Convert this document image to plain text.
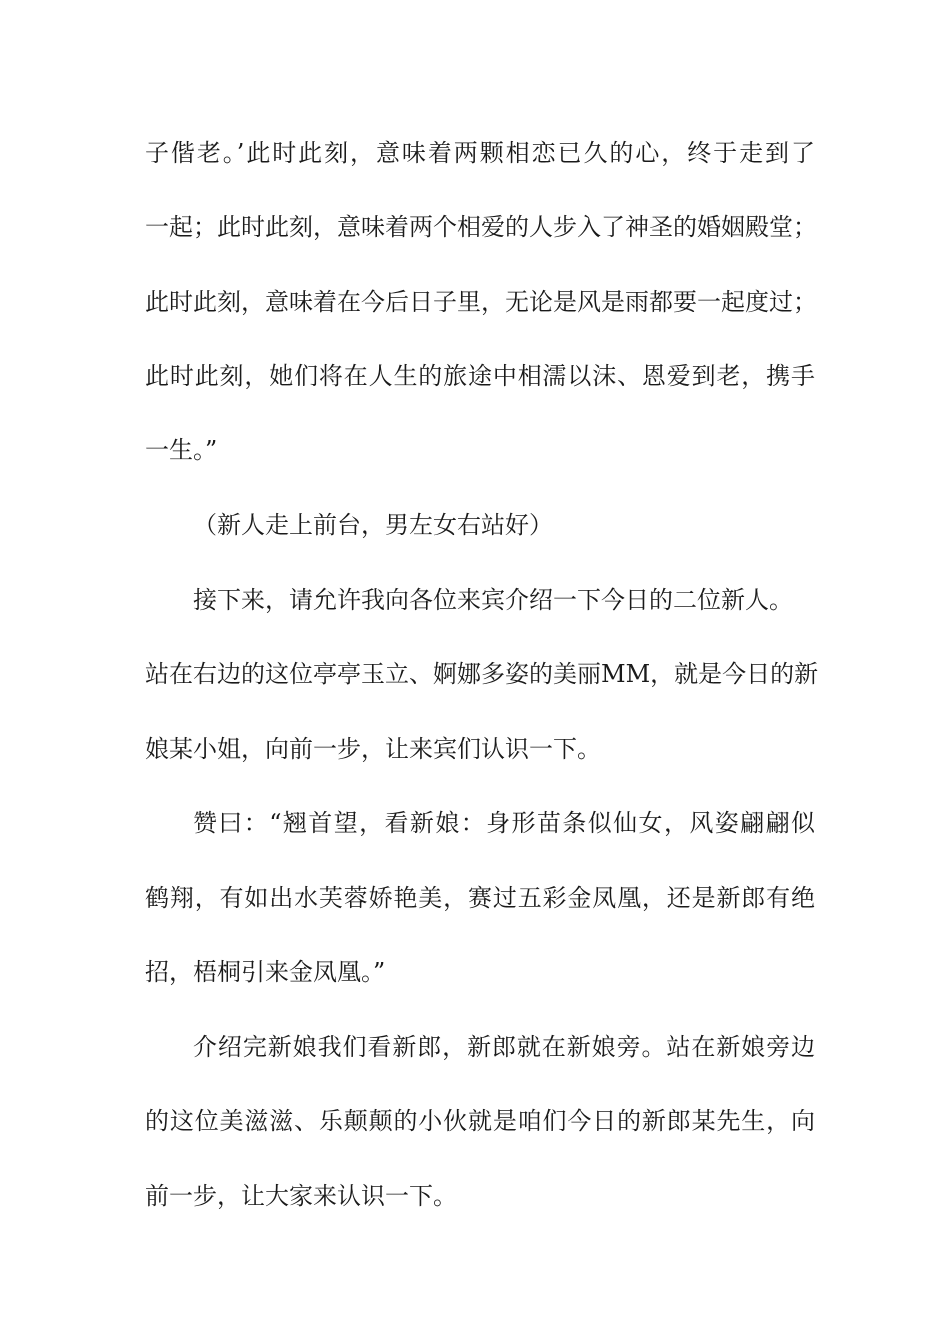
子偕老。’此时此刻，意味着两颗相恋已久的心，终于走到了
一起；此时此刻，意味着两个相爱的人步入了神圣的婚姻殿堂；
此时此刻，意味着在今后日子里，无论是风是雨都要一起度过；
此时此刻，她们将在人生的旅途中相濡以沫、恩爱到老，携手
一生。”
（新人走上前台，男左女右站好）
接下来，请允许我向各位来宾介绍一下今日的二位新人。
站在右边的这位亭亭玉立、婀娜多姿的美丽MM，就是今日的新
娘某小姐，向前一步，让来宾们认识一下。
赞曰：“翘首望，看新娘：身形苗条似仙女，风姿翩翩似
鹤翔，有如出水芙蓉娇艳美，赛过五彩金凤凰，还是新郎有绝
招，梧桐引来金凤凰。”
介绍完新娘我们看新郎，新郎就在新娘旁。站在新娘旁边
的这位美滋滋、乐颠颠的小伙就是咱们今日的新郎某先生，向
前一步，让大家来认识一下。
